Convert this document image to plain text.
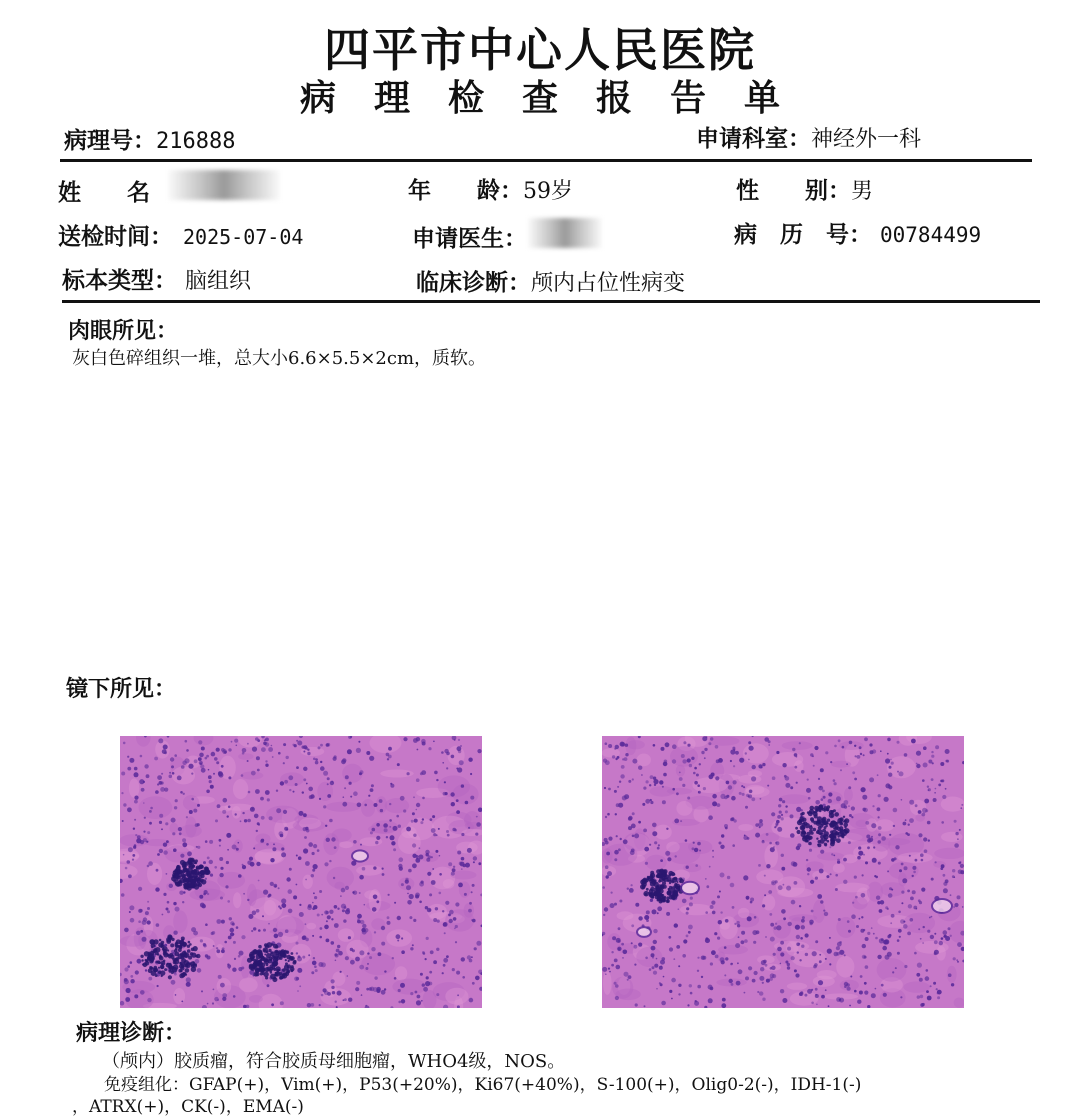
四平市中心人民医院
病理检查报告单
病理号：216888	申请科室：神经外一科
姓　　名	年　　龄：59岁	性　　别：男
送检时间： 2025-07-04	申请医生：	病　历　号： 00784499
标本类型： 脑组织	临床诊断：颅内占位性病变
肉眼所见：
灰白色碎组织一堆，总大小6.6×5.5×2cm，质软。
镜下所见：
病理诊断：
（颅内）胶质瘤，符合胶质母细胞瘤，WHO4级，NOS。
免疫组化：GFAP(+)，Vim(+)，P53(+20%)，Ki67(+40%)，S-100(+)，Olig0-2(-)，IDH-1(-)
，ATRX(+)，CK(-)，EMA(-)
